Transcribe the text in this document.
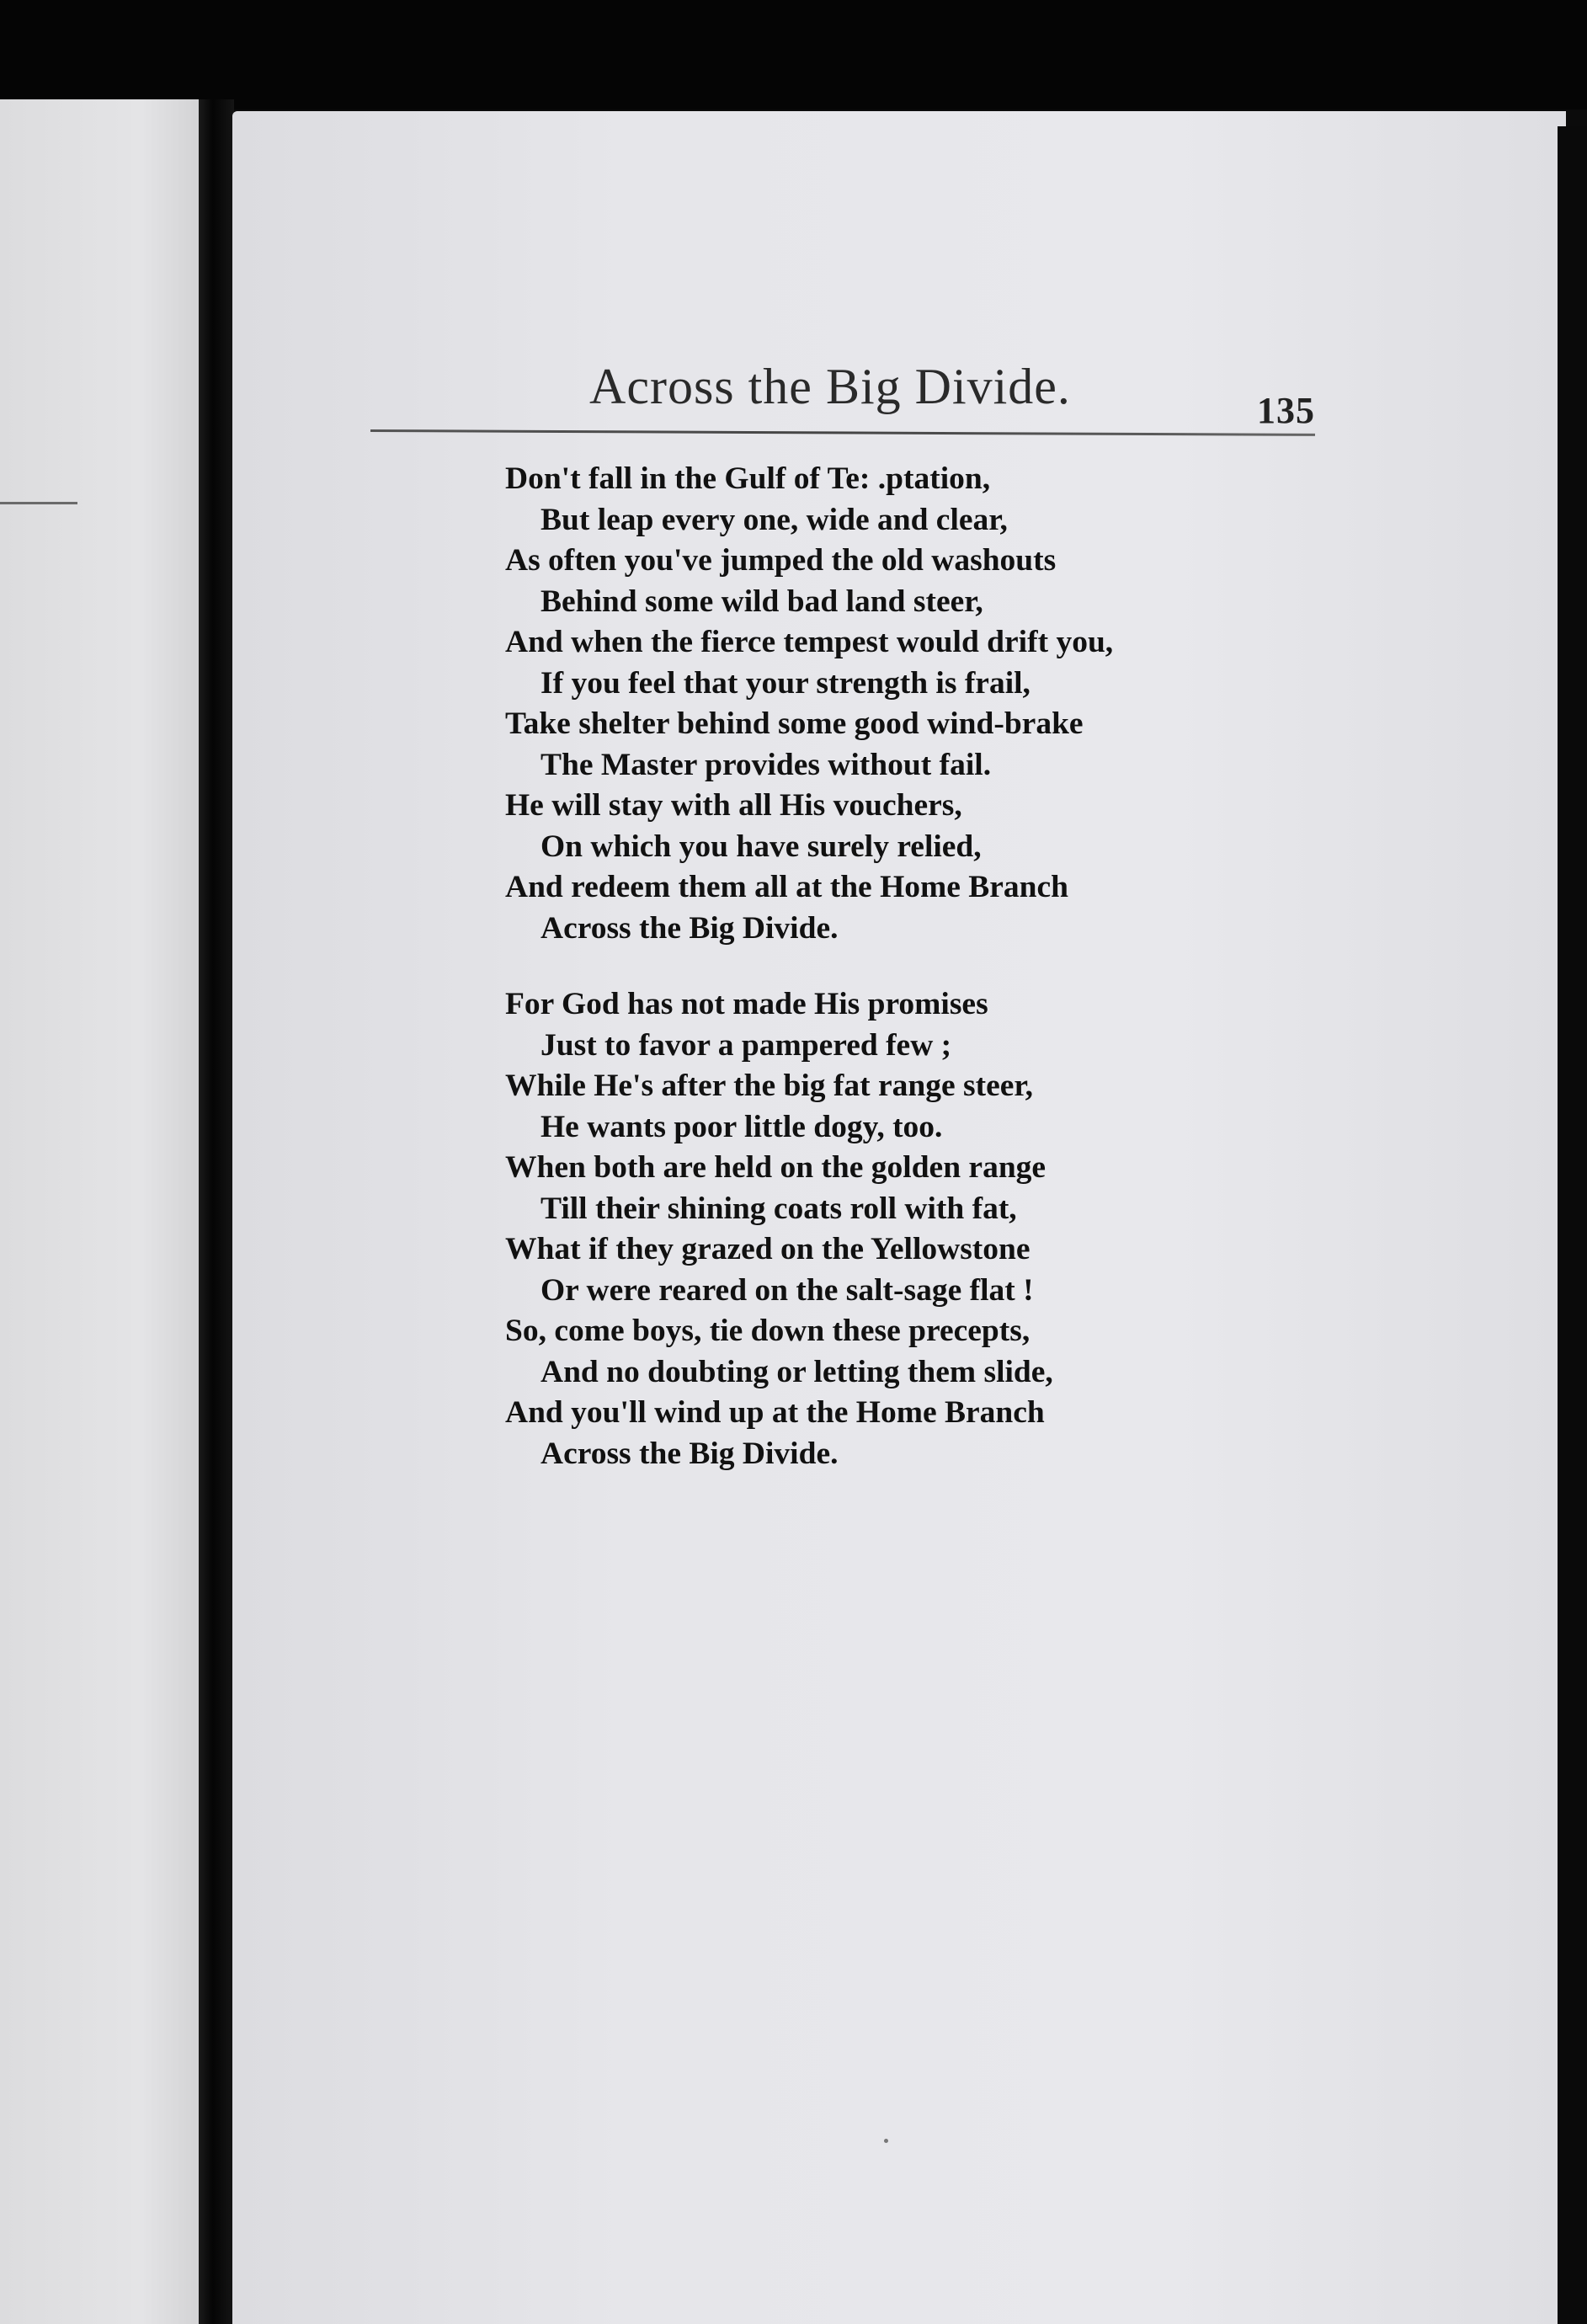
Across the Big Divide.	135
Don't fall in the Gulf of Te: .ptation,
But leap every one, wide and clear,
As often you've jumped the old washouts
Behind some wild bad land steer,
And when the fierce tempest would drift you,
If you feel that your strength is frail,
Take shelter behind some good wind-brake
The Master provides without fail.
He will stay with all His vouchers,
On which you have surely relied,
And redeem them all at the Home Branch
Across the Big Divide.
For God has not made His promises
Just to favor a pampered few ;
While He's after the big fat range steer,
He wants poor little dogy, too.
When both are held on the golden range
Till their shining coats roll with fat,
What if they grazed on the Yellowstone
Or were reared on the salt-sage flat !
So, come boys, tie down these precepts,
And no doubting or letting them slide,
And you'll wind up at the Home Branch
Across the Big Divide.
